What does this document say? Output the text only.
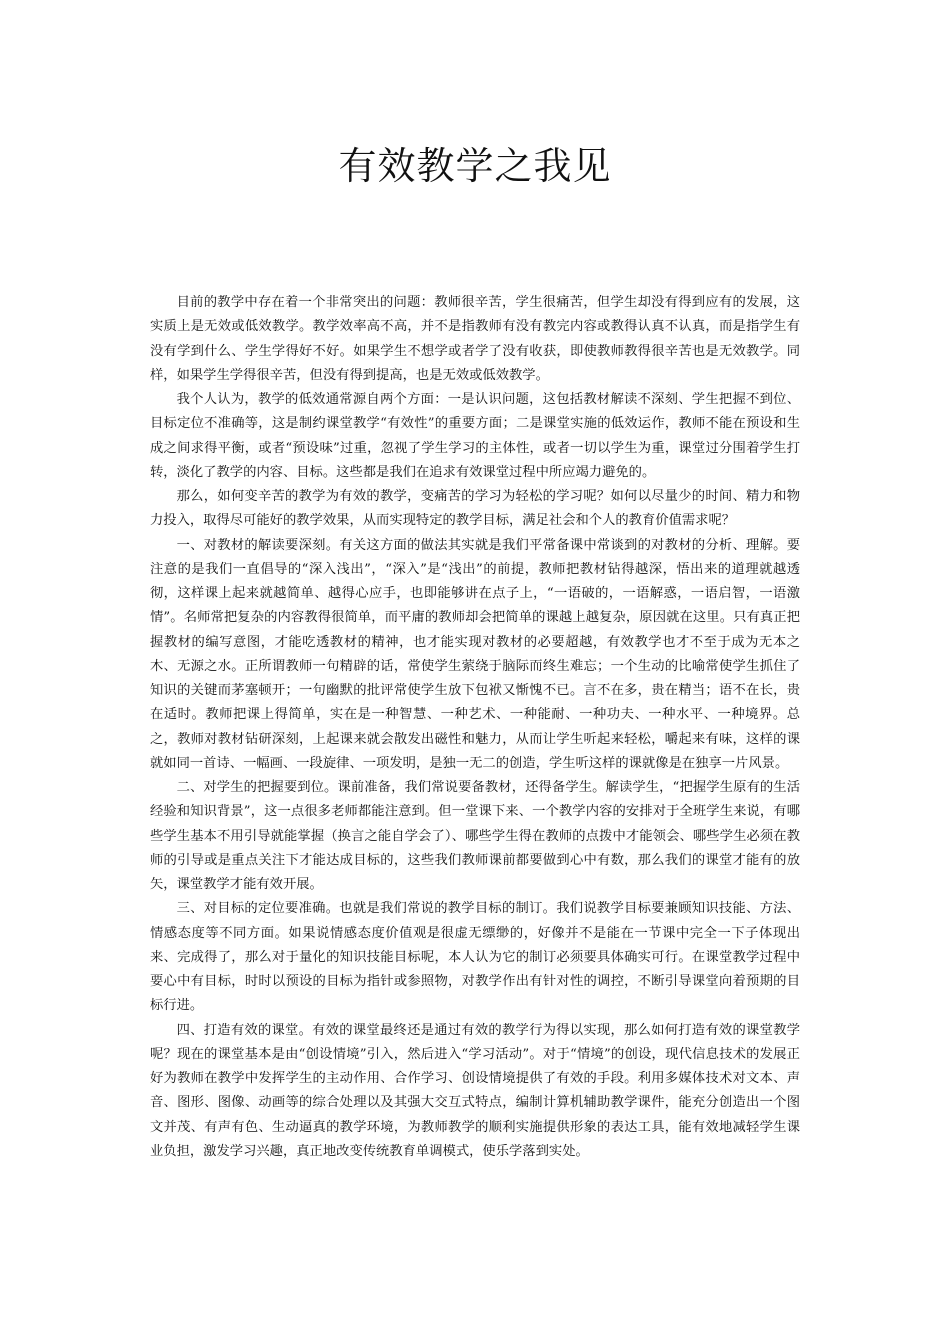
有效教学之我见

目前的教学中存在着一个非常突出的问题：教师很辛苦，学生很痛苦，但学生却没有得到应有的发展，这实质上是无效或低效教学。教学效率高不高，并不是指教师有没有教完内容或教得认真不认真，而是指学生有没有学到什么、学生学得好不好。如果学生不想学或者学了没有收获，即使教师教得很辛苦也是无效教学。同样，如果学生学得很辛苦，但没有得到提高，也是无效或低效教学。

我个人认为，教学的低效通常源自两个方面：一是认识问题，这包括教材解读不深刻、学生把握不到位、目标定位不准确等，这是制约课堂教学“有效性”的重要方面；二是课堂实施的低效运作，教师不能在预设和生成之间求得平衡，或者“预设味”过重，忽视了学生学习的主体性，或者一切以学生为重，课堂过分围着学生打转，淡化了教学的内容、目标。这些都是我们在追求有效课堂过程中所应竭力避免的。

那么，如何变辛苦的教学为有效的教学，变痛苦的学习为轻松的学习呢？如何以尽量少的时间、精力和物力投入，取得尽可能好的教学效果，从而实现特定的教学目标，满足社会和个人的教育价值需求呢？

一、对教材的解读要深刻。有关这方面的做法其实就是我们平常备课中常谈到的对教材的分析、理解。要注意的是我们一直倡导的“深入浅出”，“深入”是“浅出”的前提，教师把教材钻得越深，悟出来的道理就越透彻，这样课上起来就越简单、越得心应手，也即能够讲在点子上，“一语破的，一语解惑，一语启智，一语激情”。名师常把复杂的内容教得很简单，而平庸的教师却会把简单的课越上越复杂，原因就在这里。只有真正把握教材的编写意图，才能吃透教材的精神，也才能实现对教材的必要超越，有效教学也才不至于成为无本之木、无源之水。正所谓教师一句精辟的话，常使学生萦绕于脑际而终生难忘；一个生动的比喻常使学生抓住了知识的关键而茅塞顿开；一句幽默的批评常使学生放下包袱又惭愧不已。言不在多，贵在精当；语不在长，贵在适时。教师把课上得简单，实在是一种智慧、一种艺术、一种能耐、一种功夫、一种水平、一种境界。总之，教师对教材钻研深刻，上起课来就会散发出磁性和魅力，从而让学生听起来轻松，嚼起来有味，这样的课就如同一首诗、一幅画、一段旋律、一项发明，是独一无二的创造，学生听这样的课就像是在独享一片风景。

二、对学生的把握要到位。课前准备，我们常说要备教材，还得备学生。解读学生，“把握学生原有的生活经验和知识背景”，这一点很多老师都能注意到。但一堂课下来、一个教学内容的安排对于全班学生来说，有哪些学生基本不用引导就能掌握（换言之能自学会了）、哪些学生得在教师的点拨中才能领会、哪些学生必须在教师的引导或是重点关注下才能达成目标的，这些我们教师课前都要做到心中有数，那么我们的课堂才能有的放矢，课堂教学才能有效开展。

三、对目标的定位要准确。也就是我们常说的教学目标的制订。我们说教学目标要兼顾知识技能、方法、情感态度等不同方面。如果说情感态度价值观是很虚无缥缈的，好像并不是能在一节课中完全一下子体现出来、完成得了，那么对于量化的知识技能目标呢，本人认为它的制订必须要具体确实可行。在课堂教学过程中要心中有目标，时时以预设的目标为指针或参照物，对教学作出有针对性的调控，不断引导课堂向着预期的目标行进。

四、打造有效的课堂。有效的课堂最终还是通过有效的教学行为得以实现，那么如何打造有效的课堂教学呢？现在的课堂基本是由“创设情境”引入，然后进入“学习活动”。对于“情境”的创设，现代信息技术的发展正好为教师在教学中发挥学生的主动作用、合作学习、创设情境提供了有效的手段。利用多媒体技术对文本、声音、图形、图像、动画等的综合处理以及其强大交互式特点，编制计算机辅助教学课件，能充分创造出一个图文并茂、有声有色、生动逼真的教学环境，为教师教学的顺利实施提供形象的表达工具，能有效地减轻学生课业负担，激发学习兴趣，真正地改变传统教育单调模式，使乐学落到实处。
